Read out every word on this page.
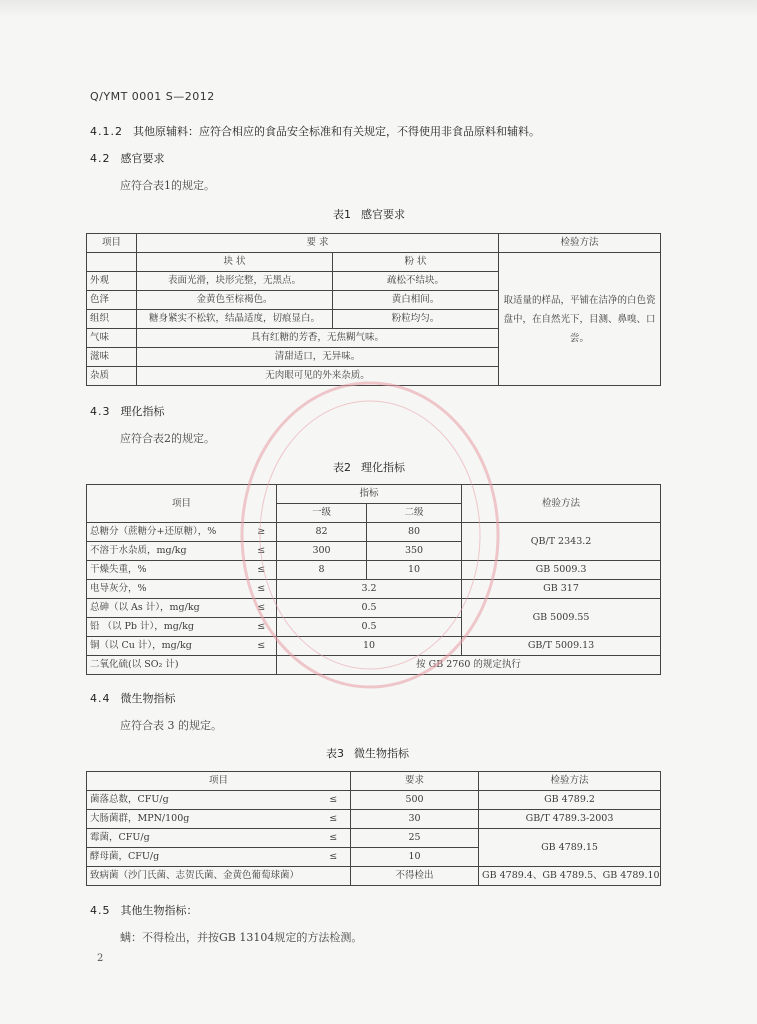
Q/YMT 0001 S—2012
4.1.2 其他原辅料：应符合相应的食品安全标准和有关规定，不得使用非食品原料和辅料。
4.2 感官要求
应符合表1的规定。
表1 感官要求
项目	要 求		检验方法
	块 状	粉 状	取适量的样品，平铺在洁净的白色瓷盘中，在自然光下，目测、鼻嗅、口尝。
外观	表面光滑，块形完整，无黑点。	疏松不结块。	
色泽	金黄色至棕褐色。	黄白相间。	
组织	糖身紧实不松软，结晶适度，切痕显白。	粉粒均匀。	
气味	具有红糖的芳香，无焦糊气味。		
滋味	清甜适口，无异味。		
杂质	无肉眼可见的外来杂质。		
4.3 理化指标
应符合表2的规定。
表2 理化指标
项目		指标		检验方法
		一级	二级	
总糖分（蔗糖分+还原糖），%	≥	82	80	QB/T 2343.2
不溶于水杂质，mg/kg	≤	300	350	
干燥失重，%	≤	8	10	GB 5009.3
电导灰分，%	≤	3.2		GB 317
总砷（以 As 计），mg/kg	≤	0.5		GB 5009.55
铅 （以 Pb 计），mg/kg	≤	0.5		
铜（以 Cu 计），mg/kg	≤	10		GB/T 5009.13
二氧化硫(以 SO₂ 计)		按 GB 2760 的规定执行		
4.4 微生物指标
应符合表 3 的规定。
表3 微生物指标
项目		要求	检验方法
菌落总数，CFU/g	≤	500	GB 4789.2
大肠菌群，MPN/100g	≤	30	GB/T 4789.3-2003
霉菌，CFU/g	≤	25	GB 4789.15
酵母菌，CFU/g	≤	10	
致病菌（沙门氏菌、志贺氏菌、金黄色葡萄球菌）		不得检出	GB 4789.4、GB 4789.5、GB 4789.10
4.5 其他生物指标：
螨：不得检出，并按GB 13104规定的方法检测。
2
